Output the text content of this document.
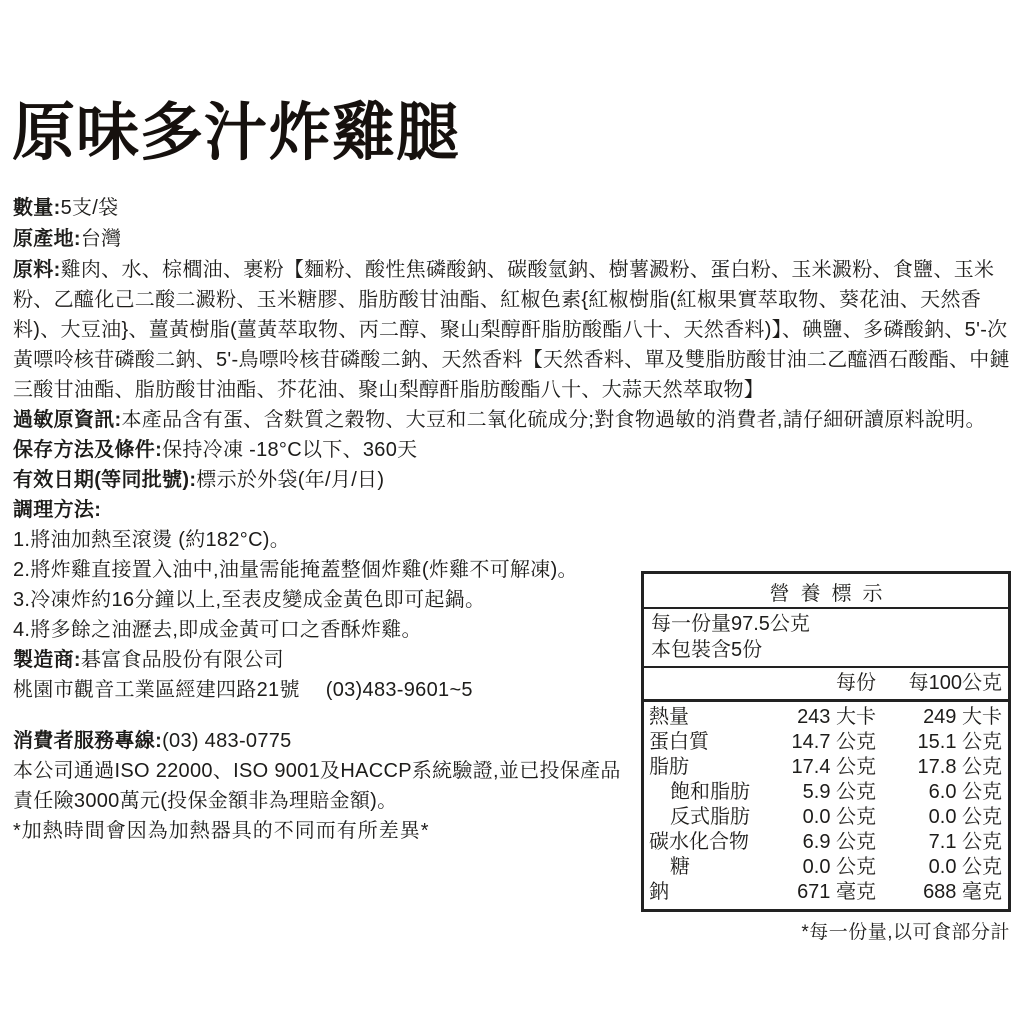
原味多汁炸雞腿

數量:5支/袋

原產地:台灣

原料:雞肉、水、棕櫚油、裹粉【麵粉、酸性焦磷酸鈉、碳酸氫鈉、樹薯澱粉、蛋白粉、玉米澱粉、食鹽、玉米粉、乙醯化己二酸二澱粉、玉米糖膠、脂肪酸甘油酯、紅椒色素{紅椒樹脂(紅椒果實萃取物、葵花油、天然香料)、大豆油}、薑黃樹脂(薑黃萃取物、丙二醇、聚山梨醇酐脂肪酸酯八十、天然香料)】、碘鹽、多磷酸鈉、5'-次黃嘌呤核苷磷酸二鈉、5'-鳥嘌呤核苷磷酸二鈉、天然香料【天然香料、單及雙脂肪酸甘油二乙醯酒石酸酯、中鏈三酸甘油酯、脂肪酸甘油酯、芥花油、聚山梨醇酐脂肪酸酯八十、大蒜天然萃取物】

過敏原資訊:本產品含有蛋、含麩質之穀物、大豆和二氧化硫成分;對食物過敏的消費者,請仔細研讀原料說明。

保存方法及條件:保持冷凍 -18°C以下、360天

有效日期(等同批號):標示於外袋(年/月/日)

調理方法:

1.將油加熱至滾燙 (約182°C)。

2.將炸雞直接置入油中,油量需能掩蓋整個炸雞(炸雞不可解凍)。

3.冷凍炸約16分鐘以上,至表皮變成金黃色即可起鍋。

4.將多餘之油瀝去,即成金黃可口之香酥炸雞。

製造商:碁富食品股份有限公司

桃園市觀音工業區經建四路21號 (03)483-9601~5

消費者服務專線:(03) 483-0775

本公司通過ISO 22000、ISO 9001及HACCP系統驗證,並已投保產品責任險3000萬元(投保金額非為理賠金額)。

*加熱時間會因為加熱器具的不同而有所差異*

營養標示

每一份量97.5公克

本包裝含5份

每份	每100公克
熱量	243 大卡	249 大卡
蛋白質	14.7 公克	15.1 公克
脂肪	17.4 公克	17.8 公克
飽和脂肪	5.9 公克	6.0 公克
反式脂肪	0.0 公克	0.0 公克
碳水化合物	6.9 公克	7.1 公克
糖	0.0 公克	0.0 公克
鈉	671 毫克	688 毫克
*每一份量,以可食部分計
